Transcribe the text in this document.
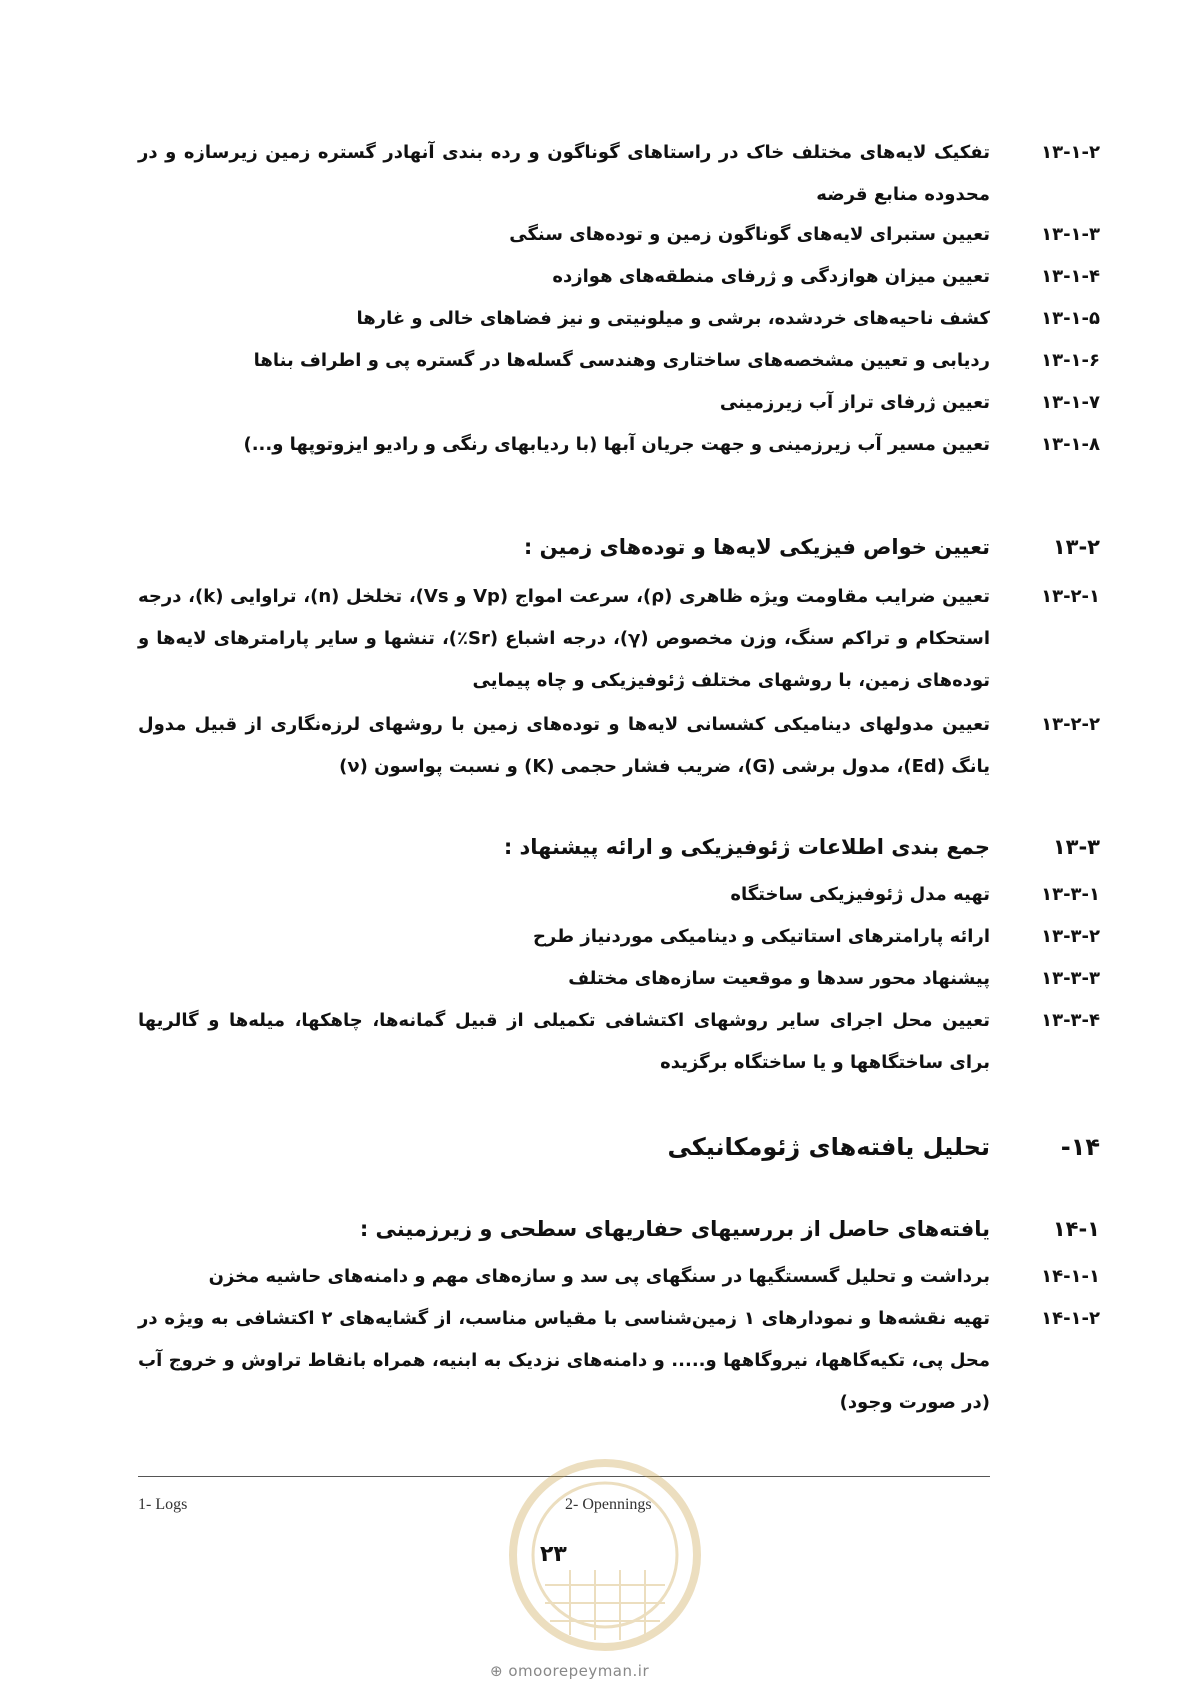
۱۳-۱-۲
تفکیک لایه‌های مختلف خاک در راستاهای گوناگون و رده بندی آنها‌در گستره زمین زیرسازه و در محدوده منابع قرضه
۱۳-۱-۳
تعیین ستبرای لایه‌های گوناگون زمین و توده‌های سنگی
۱۳-۱-۴
تعیین میزان هوازدگی و ژرفای منطقه‌های هوازده
۱۳-۱-۵
کشف ناحیه‌های خردشده، برشی و میلونیتی و نیز فضاهای خالی و غارها
۱۳-۱-۶
ردیابی و تعیین مشخصه‌های ساختاری وهندسی گسله‌ها در گستره پی و اطراف بناها
۱۳-۱-۷
تعیین ژرفای تراز آب زیرزمینی
۱۳-۱-۸
تعیین مسیر آب زیرزمینی و جهت جریان آبها (با ردیابهای رنگی و رادیو ایزوتوپها و...)
۱۳-۲
تعیین خواص فیزیکی لایه‌ها و توده‌های زمین :
۱۳-۲-۱
تعیین ضرایب مقاومت ویژه ظاهری (ρ)، سرعت امواج (Vp و Vs)، تخلخل (n)، تراوایی (k)، درجه استحکام و تراکم سنگ، وزن مخصوص (γ)، درجه اشباع (Sr٪)، تنشها و سایر پارامترهای لایه‌ها و توده‌های زمین، با روشهای مختلف ژئوفیزیکی و چاه پیمایی
۱۳-۲-۲
تعیین مدولهای دینامیکی کشسانی لایه‌ها و توده‌های زمین با روشهای لرزه‌نگاری از قبیل مدول یانگ (Ed)، مدول برشی (G)، ضریب فشار حجمی (K) و نسبت پواسون (ν)
۱۳-۳
جمع بندی اطلاعات ژئوفیزیکی و ارائه پیشنهاد :
۱۳-۳-۱
تهیه مدل ژئوفیزیکی ساختگاه
۱۳-۳-۲
ارائه پارامترهای استاتیکی و دینامیکی موردنیاز طرح
۱۳-۳-۳
پیشنهاد محور سدها و موقعیت سازه‌های مختلف
۱۳-۳-۴
تعیین محل اجرای سایر روشهای اکتشافی تکمیلی از قبیل گمانه‌ها، چاهکها، میله‌ها و گالریها برای ساختگاهها و یا ساختگاه برگزیده
۱۴-
تحلیل یافته‌های ژئومکانیکی
۱۴-۱
یافته‌های حاصل از بررسیهای حفاریهای سطحی و زیرزمینی :
۱۴-۱-۱
برداشت و تحلیل گسستگیها در سنگهای پی سد و سازه‌های مهم و دامنه‌های حاشیه مخزن
۱۴-۱-۲
تهیه نقشه‌ها و نمودارهای ۱ زمین‌شناسی با مقیاس مناسب، از گشایه‌های ۲ اکتشافی به ویژه در محل پی، تکیه‌گاهها، نیروگاهها و..... و دامنه‌های نزدیک به ابنیه، همراه بانقاط تراوش و خروج آب (در صورت وجود)
1- Logs	2- Opennings
۲۳
⊕ omoorepeyman.ir
